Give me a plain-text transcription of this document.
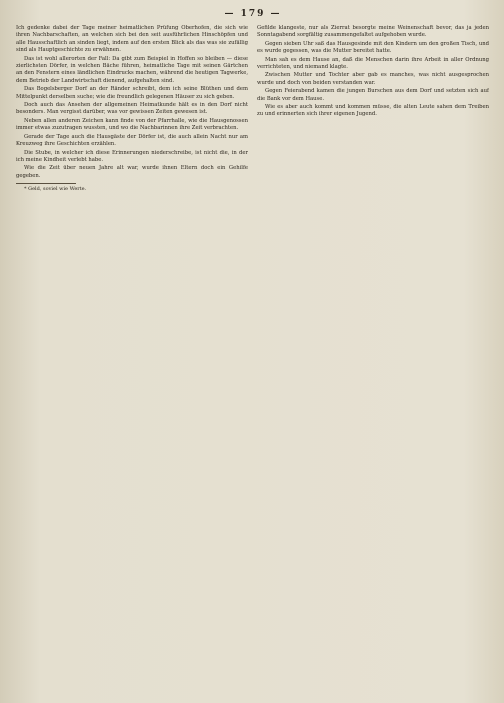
— 179 —

Ich gedenke dabei der Tage meiner heimatlichen Prüfung Oberhofen, die sich wie ihren Nachbarschaften, an welchen sich bei den seit ausführlichen Hinschöpfen und alle Hausschaftlich an sinden liegt, indem auf den ersten Blick als das was sie zufällig sind als Hauptgeschichte zu erwähnen.

Das ist wohl allerorten der Fall: Da gibt zum Beispiel in Hoffen so bleiben — diese zierlichsten Dörfer, in welchen Bäche führen, heimatliche Tage mit seinen Gärtchen an den Fenstern eines ländlichen Eindrucks machen, während die heutigen Tagwerke, dem Betrieb der Landwirtschaft dienend, aufgehalten sind.

Das Bogelsberger Dorf an der Ränder schreibt, dem ich seine Blüthen und dem Mittelpunkt derselben suche; wie die freundlich gelegenen Häuser zu sich geben.

Doch auch das Ansehen der allgemeinen Heimatkunde hält es in den Dorf nicht besonders. Man vergisst darüber, was vor gewissen Zeiten gewesen ist.

Neben allen anderen Zeichen kann finde von der Pfarrhalle, wie die Hausgenossen immer etwas zuzutragen wussten, und wo die Nachbarinnen ihre Zeit verbrachten.

Gerade der Tage auch die Hausgäste der Dörfer ist, die auch allein Nacht nur am Kreuzweg ihre Geschichten erzählen.

Die Stube, in welcher ich diese Erinnerungen niederschreibe, ist nicht die, in der ich meine Kindheit verlebt habe.

Wie die Zeit über neuen Jahre alt war, wurde ihnen Eltern doch ein Gehilfe gegeben.

* Geld, soviel wie Werte.

Gefilde klangeste, nur als Zierrat besorgte meine Weinenschaft bevor, das ja jeden Sonntagabend sorgfältig zusammengefaltet aufgehoben wurde.

Gegen sieben Uhr saß das Hausgesinde mit den Kindern um den großen Tisch, und es wurde gegessen, was die Mutter bereitet hatte.

Man sah es dem Hause an, daß die Menschen darin ihre Arbeit in aller Ordnung verrichteten, und niemand klagte.

Zwischen Mutter und Tochter aber gab es manches, was nicht ausgesprochen wurde und doch von beiden verstanden war.

Gegen Feierabend kamen die jungen Burschen aus dem Dorf und setzten sich auf die Bank vor dem Hause.

Wie es aber auch kommt und kommen müsse, die alten Leute sahen dem Treiben zu und erinnerten sich ihrer eigenen Jugend.
